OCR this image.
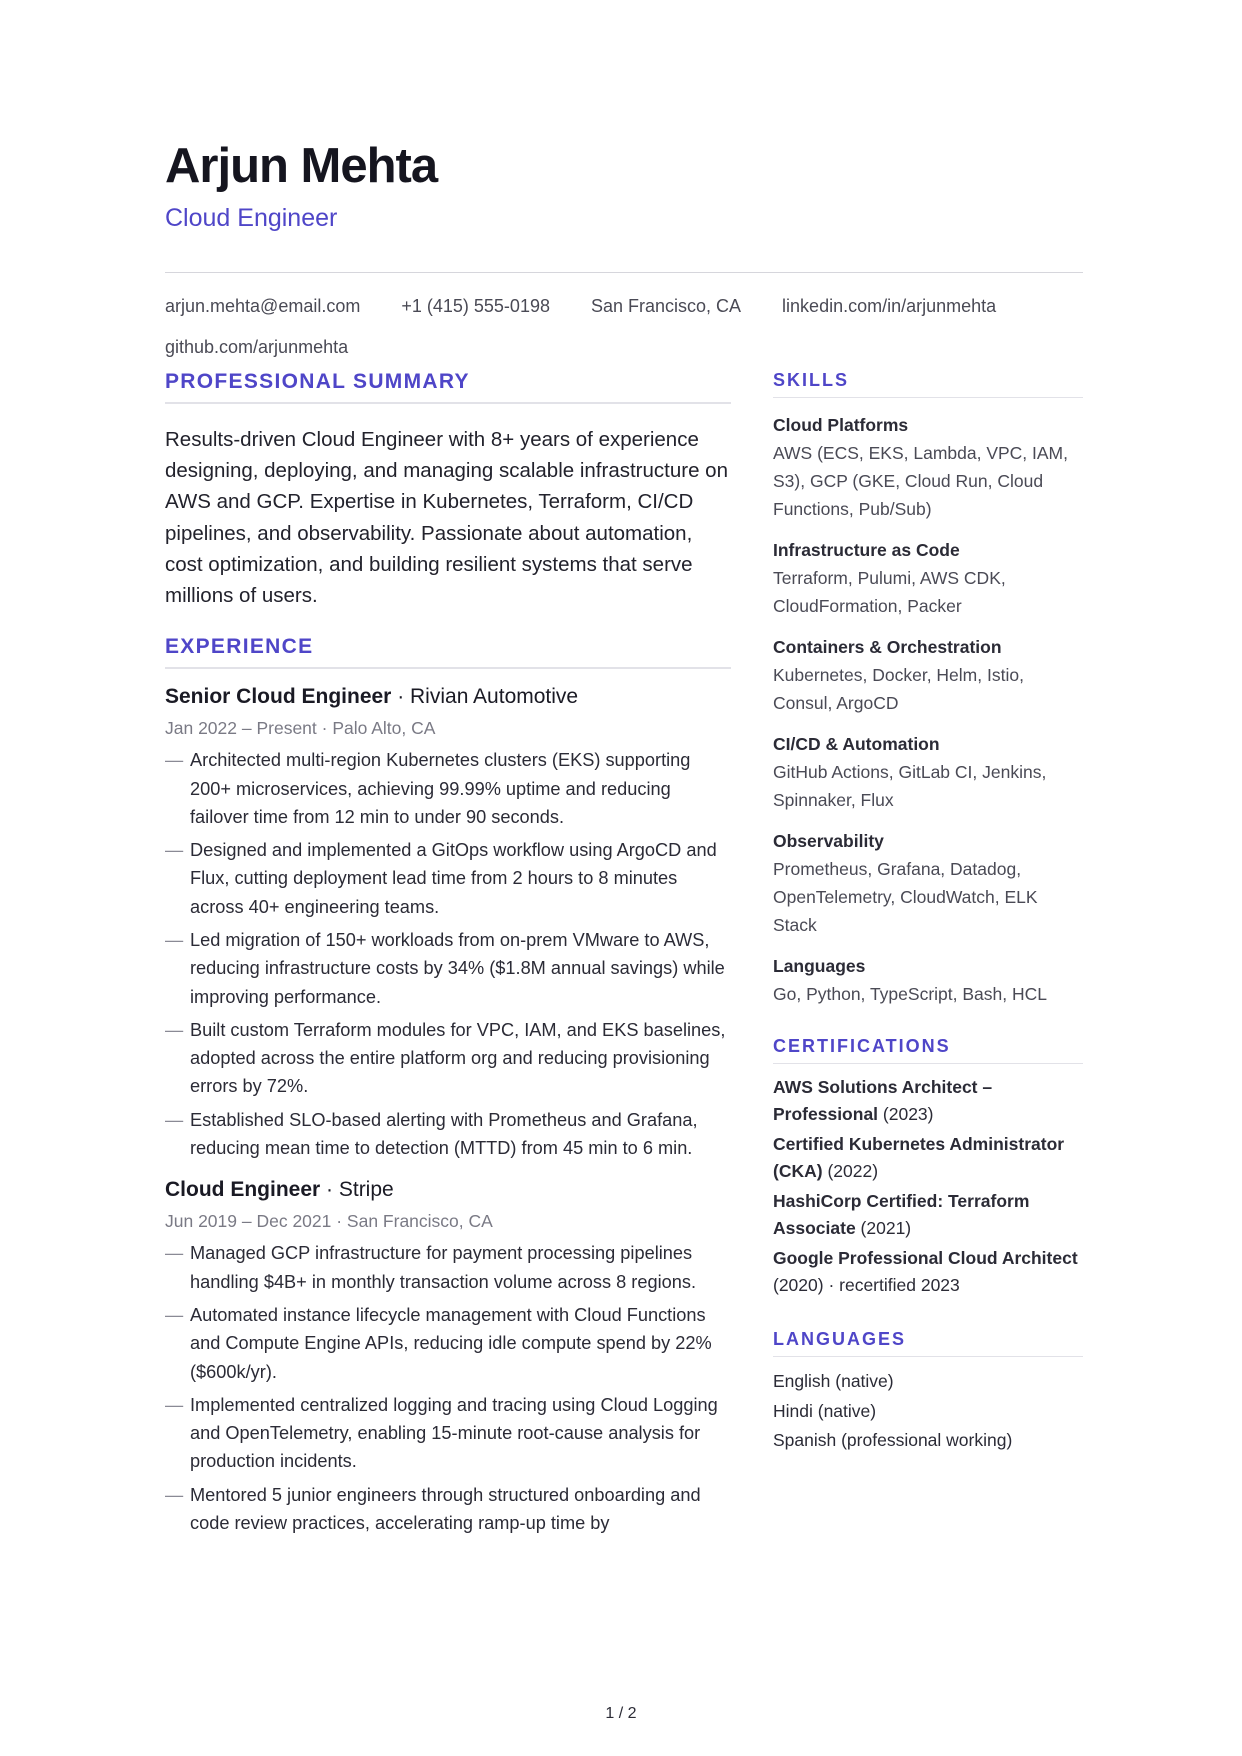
Arjun Mehta
Cloud Engineer
arjun.mehta@email.com +1 (415) 555-0198 San Francisco, CA linkedin.com/in/arjunmehta
github.com/arjunmehta
PROFESSIONAL SUMMARY

Results-driven Cloud Engineer with 8+ years of experience designing, deploying, and managing scalable infrastructure on AWS and GCP. Expertise in Kubernetes, Terraform, CI/CD pipelines, and observability. Passionate about automation, cost optimization, and building resilient systems that serve millions of users.

EXPERIENCE
Senior Cloud Engineer · Rivian Automotive
Jan 2022 – Present · Palo Alto, CA
— Architected multi-region Kubernetes clusters (EKS) supporting 200+ microservices, achieving 99.99% uptime and reducing failover time from 12 min to under 90 seconds.
— Designed and implemented a GitOps workflow using ArgoCD and Flux, cutting deployment lead time from 2 hours to 8 minutes across 40+ engineering teams.
— Led migration of 150+ workloads from on-prem VMware to AWS, reducing infrastructure costs by 34% ($1.8M annual savings) while improving performance.
— Built custom Terraform modules for VPC, IAM, and EKS baselines, adopted across the entire platform org and reducing provisioning errors by 72%.
— Established SLO-based alerting with Prometheus and Grafana, reducing mean time to detection (MTTD) from 45 min to 6 min.
Cloud Engineer · Stripe
Jun 2019 – Dec 2021 · San Francisco, CA
— Managed GCP infrastructure for payment processing pipelines handling $4B+ in monthly transaction volume across 8 regions.
— Automated instance lifecycle management with Cloud Functions and Compute Engine APIs, reducing idle compute spend by 22% ($600k/yr).
— Implemented centralized logging and tracing using Cloud Logging and OpenTelemetry, enabling 15-minute root-cause analysis for production incidents.
— Mentored 5 junior engineers through structured onboarding and code review practices, accelerating ramp-up time by
SKILLS
Cloud Platforms
AWS (ECS, EKS, Lambda, VPC, IAM, S3), GCP (GKE, Cloud Run, Cloud Functions, Pub/Sub)
Infrastructure as Code
Terraform, Pulumi, AWS CDK, CloudFormation, Packer
Containers & Orchestration
Kubernetes, Docker, Helm, Istio, Consul, ArgoCD
CI/CD & Automation
GitHub Actions, GitLab CI, Jenkins, Spinnaker, Flux
Observability
Prometheus, Grafana, Datadog, OpenTelemetry, CloudWatch, ELK Stack
Languages
Go, Python, TypeScript, Bash, HCL
CERTIFICATIONS
AWS Solutions Architect – Professional (2023)
Certified Kubernetes Administrator (CKA) (2022)
HashiCorp Certified: Terraform Associate (2021)
Google Professional Cloud Architect (2020) · recertified 2023
LANGUAGES
English (native)
Hindi (native)
Spanish (professional working)
1 / 2
